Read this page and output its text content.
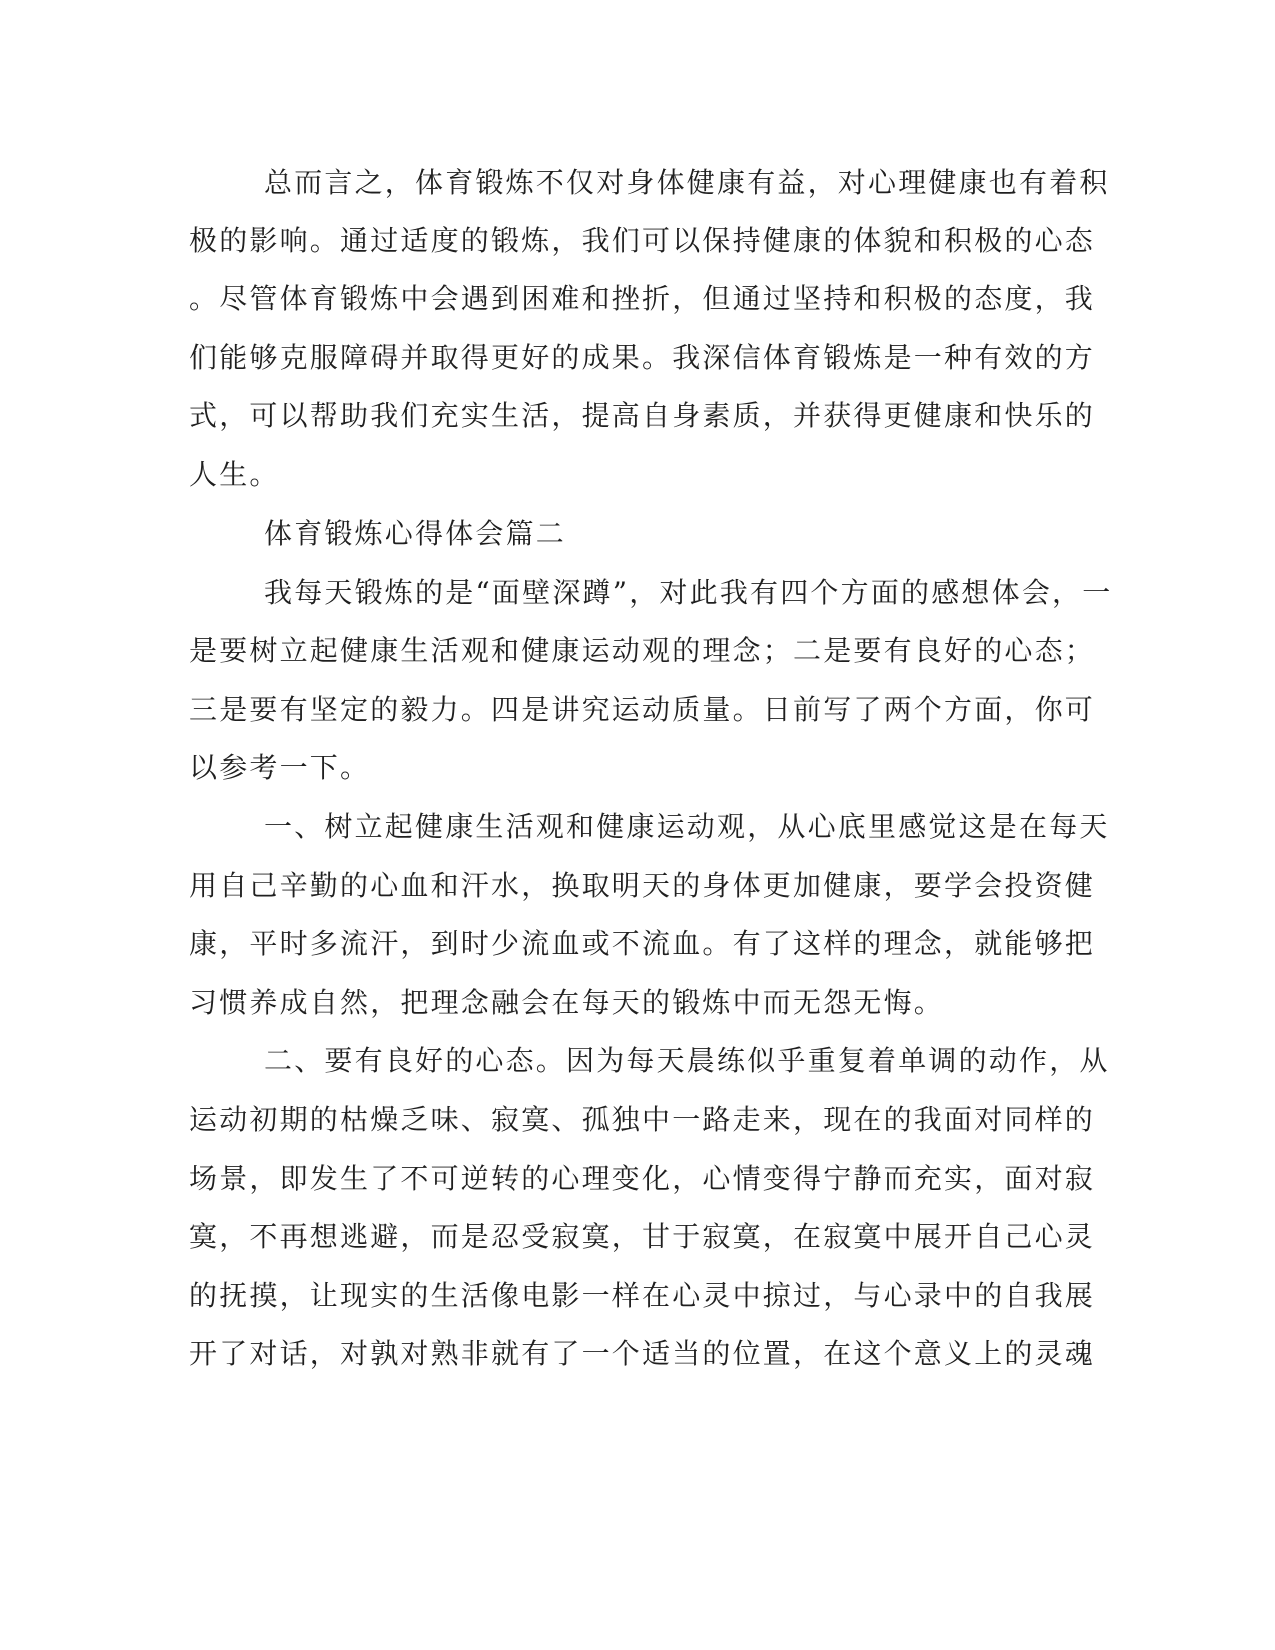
总而言之，体育锻炼不仅对身体健康有益，对心理健康也有着积
极的影响。通过适度的锻炼，我们可以保持健康的体貌和积极的心态
。尽管体育锻炼中会遇到困难和挫折，但通过坚持和积极的态度，我
们能够克服障碍并取得更好的成果。我深信体育锻炼是一种有效的方
式，可以帮助我们充实生活，提高自身素质，并获得更健康和快乐的
人生。
体育锻炼心得体会篇二
我每天锻炼的是“面壁深蹲”，对此我有四个方面的感想体会，一
是要树立起健康生活观和健康运动观的理念；二是要有良好的心态；
三是要有坚定的毅力。四是讲究运动质量。日前写了两个方面，你可
以参考一下。
一、树立起健康生活观和健康运动观，从心底里感觉这是在每天
用自己辛勤的心血和汗水，换取明天的身体更加健康，要学会投资健
康，平时多流汗，到时少流血或不流血。有了这样的理念，就能够把
习惯养成自然，把理念融会在每天的锻炼中而无怨无悔。
二、要有良好的心态。因为每天晨练似乎重复着单调的动作，从
运动初期的枯燥乏味、寂寞、孤独中一路走来，现在的我面对同样的
场景，即发生了不可逆转的心理变化，心情变得宁静而充实，面对寂
寞，不再想逃避，而是忍受寂寞，甘于寂寞，在寂寞中展开自己心灵
的抚摸，让现实的生活像电影一样在心灵中掠过，与心录中的自我展
开了对话，对孰对熟非就有了一个适当的位置，在这个意义上的灵魂
